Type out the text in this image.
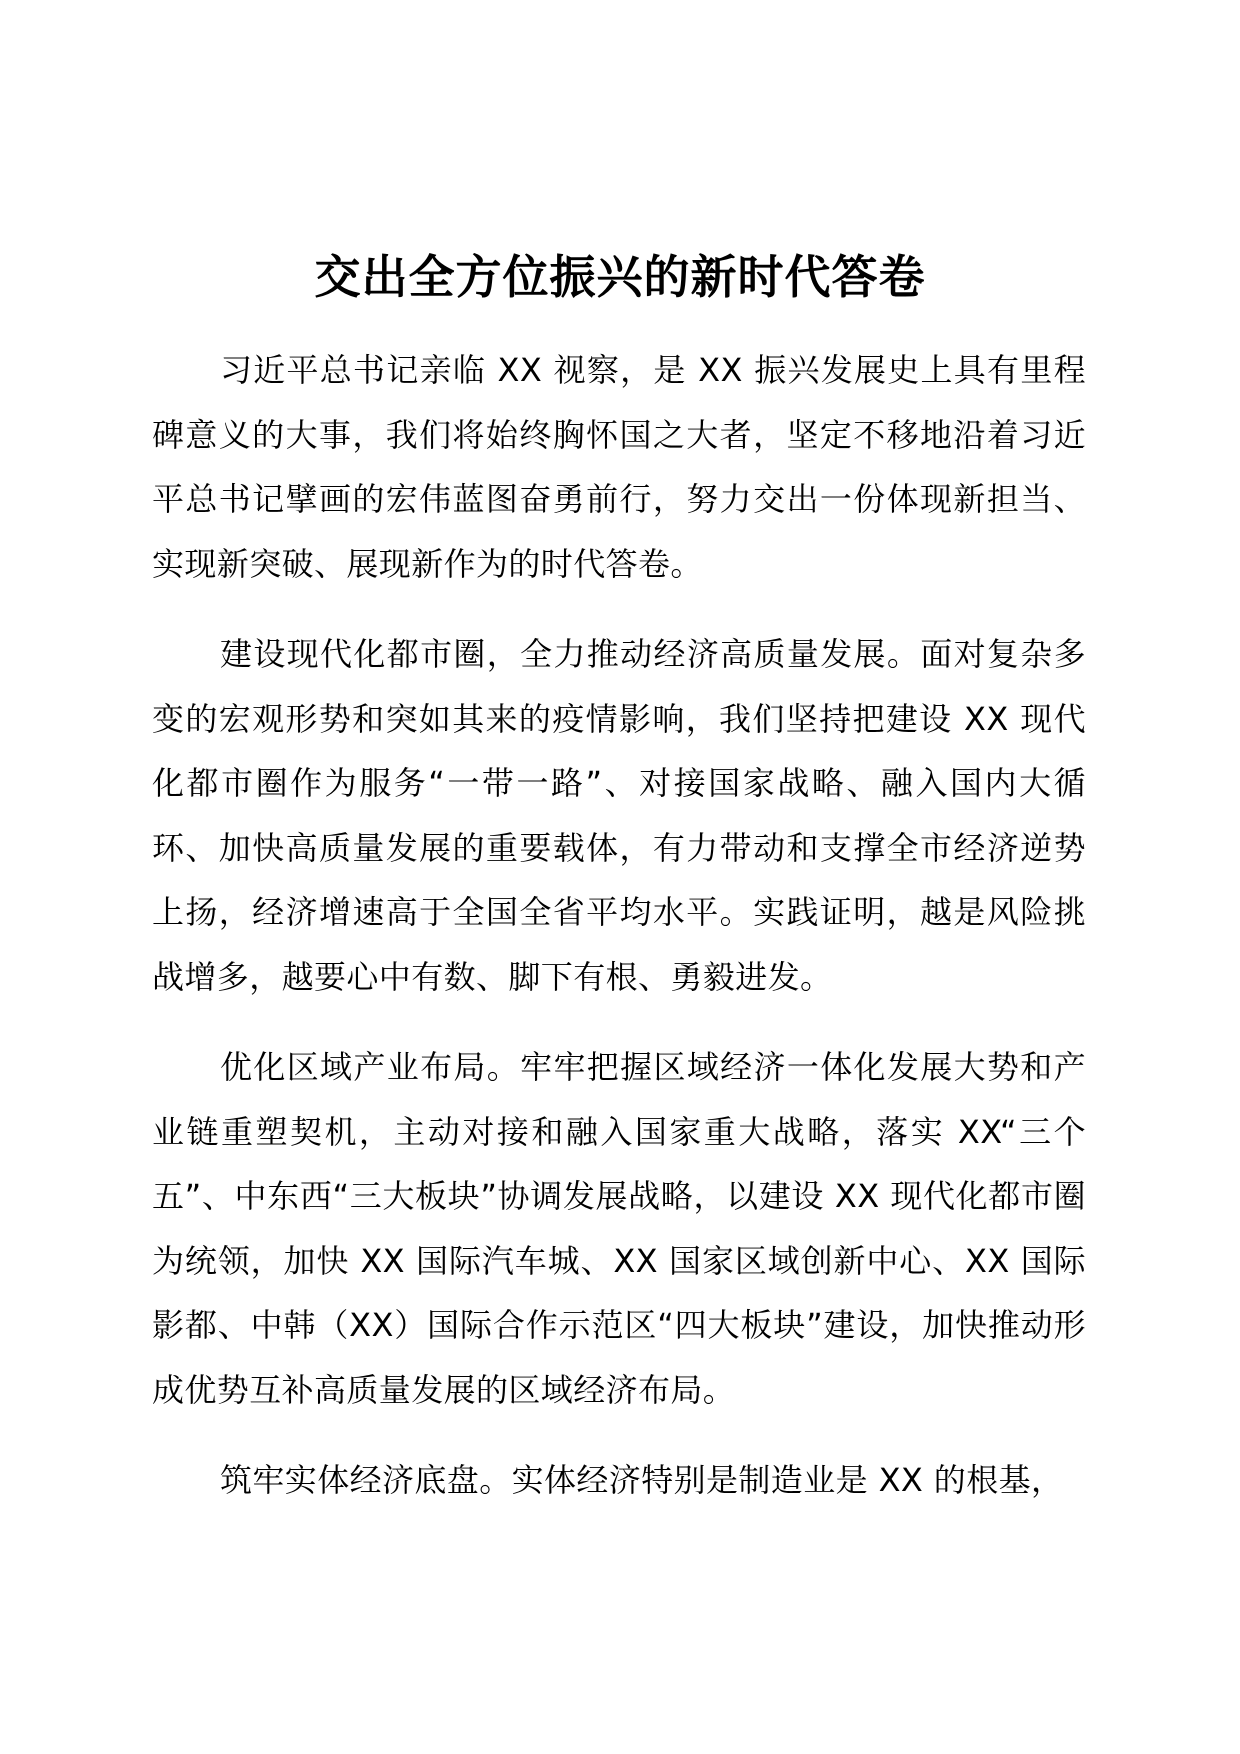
交出全方位振兴的新时代答卷

习近平总书记亲临 XX 视察，是 XX 振兴发展史上具有里程碑意义的大事，我们将始终胸怀国之大者，坚定不移地沿着习近平总书记擘画的宏伟蓝图奋勇前行，努力交出一份体现新担当、实现新突破、展现新作为的时代答卷。

建设现代化都市圈，全力推动经济高质量发展。面对复杂多变的宏观形势和突如其来的疫情影响，我们坚持把建设 XX 现代化都市圈作为服务“一带一路”、对接国家战略、融入国内大循环、加快高质量发展的重要载体，有力带动和支撑全市经济逆势上扬，经济增速高于全国全省平均水平。实践证明，越是风险挑战增多，越要心中有数、脚下有根、勇毅进发。

优化区域产业布局。牢牢把握区域经济一体化发展大势和产业链重塑契机，主动对接和融入国家重大战略，落实 XX“三个五”、中东西“三大板块”协调发展战略，以建设 XX 现代化都市圈为统领，加快 XX 国际汽车城、XX 国家区域创新中心、XX 国际影都、中韩（XX）国际合作示范区“四大板块”建设，加快推动形成优势互补高质量发展的区域经济布局。

筑牢实体经济底盘。实体经济特别是制造业是 XX 的根基，
